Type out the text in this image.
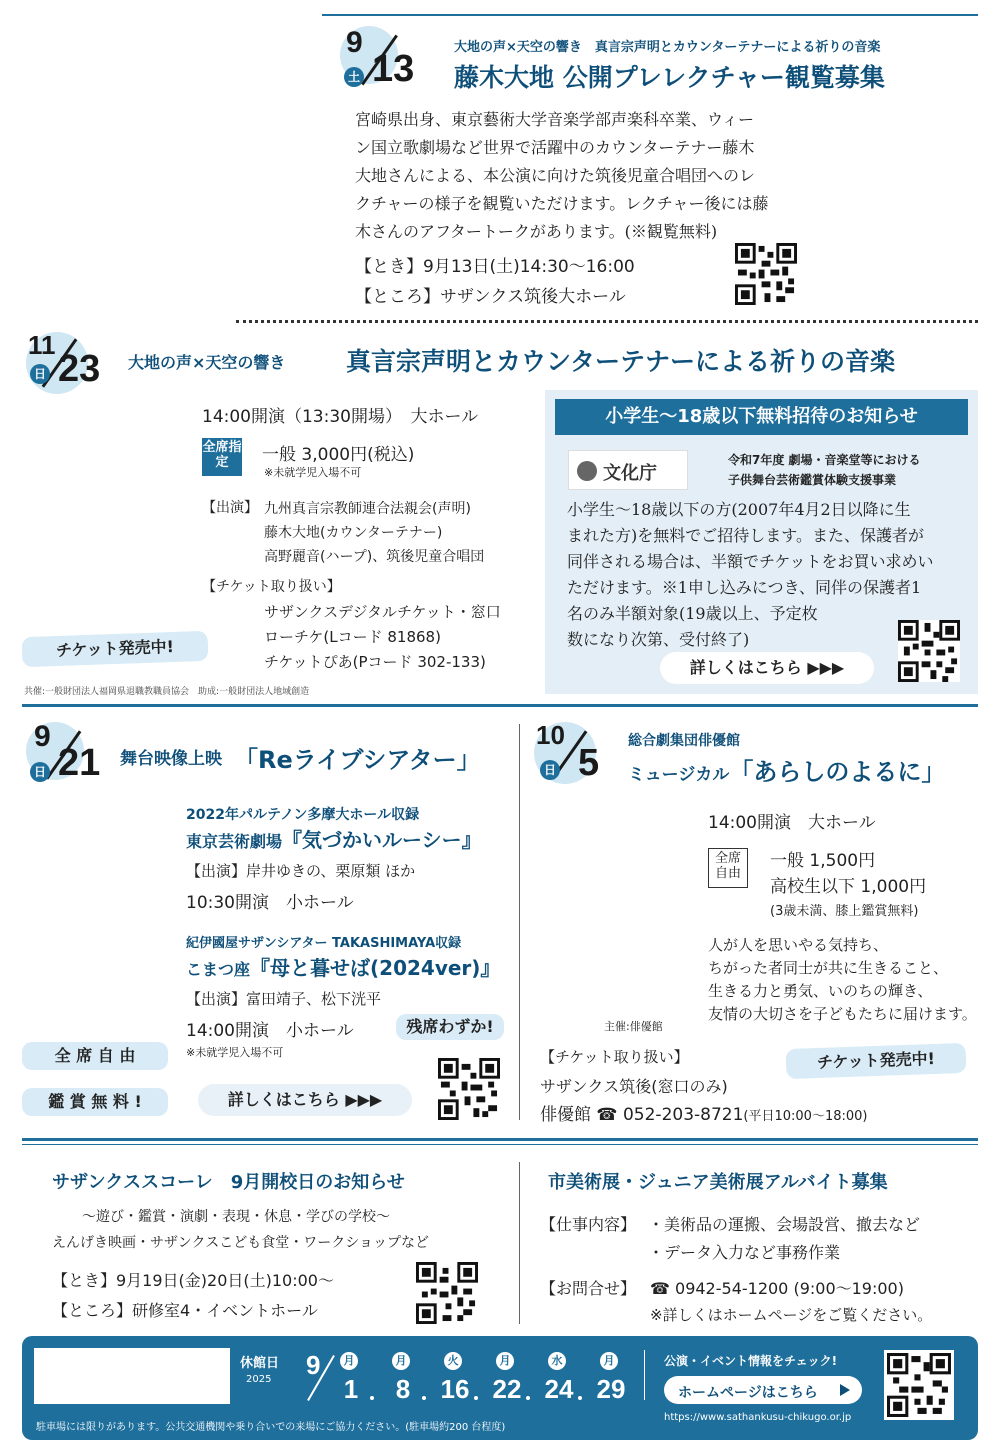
9
土 13
大地の声×天空の響き　真言宗声明とカウンターテナーによる祈りの音楽
藤木大地 公開プレレクチャー観覧募集
宮崎県出身、東京藝術大学音楽学部声楽科卒業、ウィー
ン国立歌劇場など世界で活躍中のカウンターテナー藤木
大地さんによる、本公演に向けた筑後児童合唱団へのレ
クチャーの様子を観覧いただけます。レクチャー後には藤
木さんのアフタートークがあります。(※観覧無料)
【とき】9月13日(土)14:30〜16:00
【ところ】サザンクス筑後大ホール
11
日 23 大地の声×天空の響き 真言宗声明とカウンターテナーによる祈りの音楽
14:00開演（13:30開場）　大ホール
全席指定	一般 3,000円(税込)
※未就学児入場不可
【出演】 九州真言宗教師連合法親会(声明)
藤木大地(カウンターテナー)
高野麗音(ハープ)、筑後児童合唱団
【チケット取り扱い】
サザンクスデジタルチケット・窓口
ローチケ(Lコード 81868)
チケットぴあ(Pコード 302-133)
チケット発売中!
共催:一般財団法人福岡県退職教職員協会　助成:一般財団法人地域創造
小学生〜18歳以下無料招待のお知らせ
文化庁
令和7年度 劇場・音楽堂等における
子供舞台芸術鑑賞体験支援事業
小学生〜18歳以下の方(2007年4月2日以降に生
まれた方)を無料でご招待します。また、保護者が
同伴される場合は、半額でチケットをお買い求めい
ただけます。※1申し込みにつき、同伴の保護者1
名のみ半額対象(19歳以上、予定枚
数になり次第、受付終了)
詳しくはこちら ▶▶▶
9
日 21 舞台映像上映 「Reライブシアター」
2022年パルテノン多摩大ホール収録
東京芸術劇場『気づかいルーシー』
【出演】岸井ゆきの、栗原類 ほか
10:30開演　小ホール
紀伊國屋サザンシアター TAKASHIMAYA収録
こまつ座『母と暮せば(2024ver)』
【出演】富田靖子、松下洸平
14:00開演　小ホール	残席わずか!
※未就学児入場不可
全 席 自 由
鑑 賞 無 料 !	詳しくはこちら ▶▶▶
10
日 5
総合劇集団俳優館
ミュージカル「あらしのよるに」
14:00開演　大ホール
全席自由
一般 1,500円
高校生以下 1,000円
(3歳未満、膝上鑑賞無料)
人が人を思いやる気持ち、
ちがった者同士が共に生きること、
生きる力と勇気、いのちの輝き、
友情の大切さを子どもたちに届けます。
主催:俳優館
【チケット取り扱い】
サザンクス筑後(窓口のみ)
俳優館 ☎ 052-203-8721(平日10:00〜18:00)
チケット発売中!
サザンクススコーレ　9月開校日のお知らせ
〜遊び・鑑賞・演劇・表現・休息・学びの学校〜
えんげき映画・サザンクスこども食堂・ワークショップなど
【とき】9月19日(金)20日(土)10:00〜
【ところ】研修室4・イベントホール
市美術展・ジュニア美術展アルバイト募集
【仕事内容】 ・美術品の運搬、会場設営、撤去など
・データ入力など事務作業
【お問合せ】 ☎ 0942-54-1200 (9:00〜19:00)
※詳しくはホームページをご覧ください。
休館日
2025 9	月
1
月
8
火
16
月
22
水
24
月
29
公演・イベント情報をチェック!
ホームページはこちら
https://www.sathankusu-chikugo.or.jp
駐車場には限りがあります。公共交通機関や乗り合いでの来場にご協力ください。(駐車場約200 台程度)
